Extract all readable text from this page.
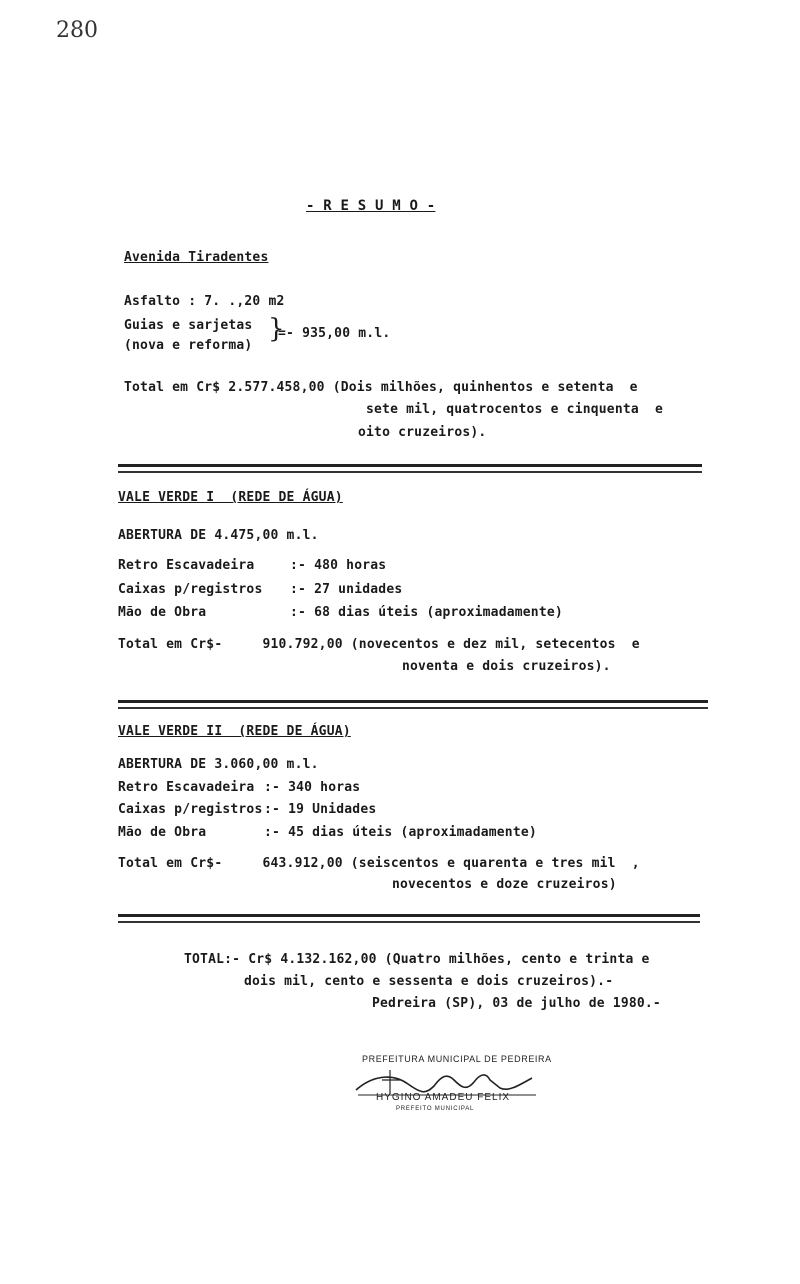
280
- R E S U M O -
Avenida Tiradentes
Asfalto : 7. .,20 m2
Guias e sarjetas
(nova e reforma)
}
=- 935,00 m.l.
Total em Cr$ 2.577.458,00 (Dois milhões, quinhentos e setenta  e
sete mil, quatrocentos e cinquenta  e
oito cruzeiros).
VALE VERDE I  (REDE DE ÁGUA)
ABERTURA DE 4.475,00 m.l.
Retro Escavadeira	:- 480 horas
Caixas p/registros :- 27 unidades
Mão de Obra	:- 68 dias úteis (aproximadamente)
Total em Cr$-     910.792,00 (novecentos e dez mil, setecentos  e
noventa e dois cruzeiros).
VALE VERDE II  (REDE DE ÁGUA)
ABERTURA DE 3.060,00 m.l.
Retro Escavadeira :- 340 horas
Caixas p/registros :- 19 Unidades
Mão de Obra	:- 45 dias úteis (aproximadamente)
Total em Cr$-     643.912,00 (seiscentos e quarenta e tres mil  ,
novecentos e doze cruzeiros)
TOTAL:- Cr$ 4.132.162,00 (Quatro milhões, cento e trinta e
dois mil, cento e sessenta e dois cruzeiros).-
Pedreira (SP), 03 de julho de 1980.-
PREFEITURA MUNICIPAL DE PEDREIRA
HYGINO AMADEU FELIX
PREFEITO MUNICIPAL
